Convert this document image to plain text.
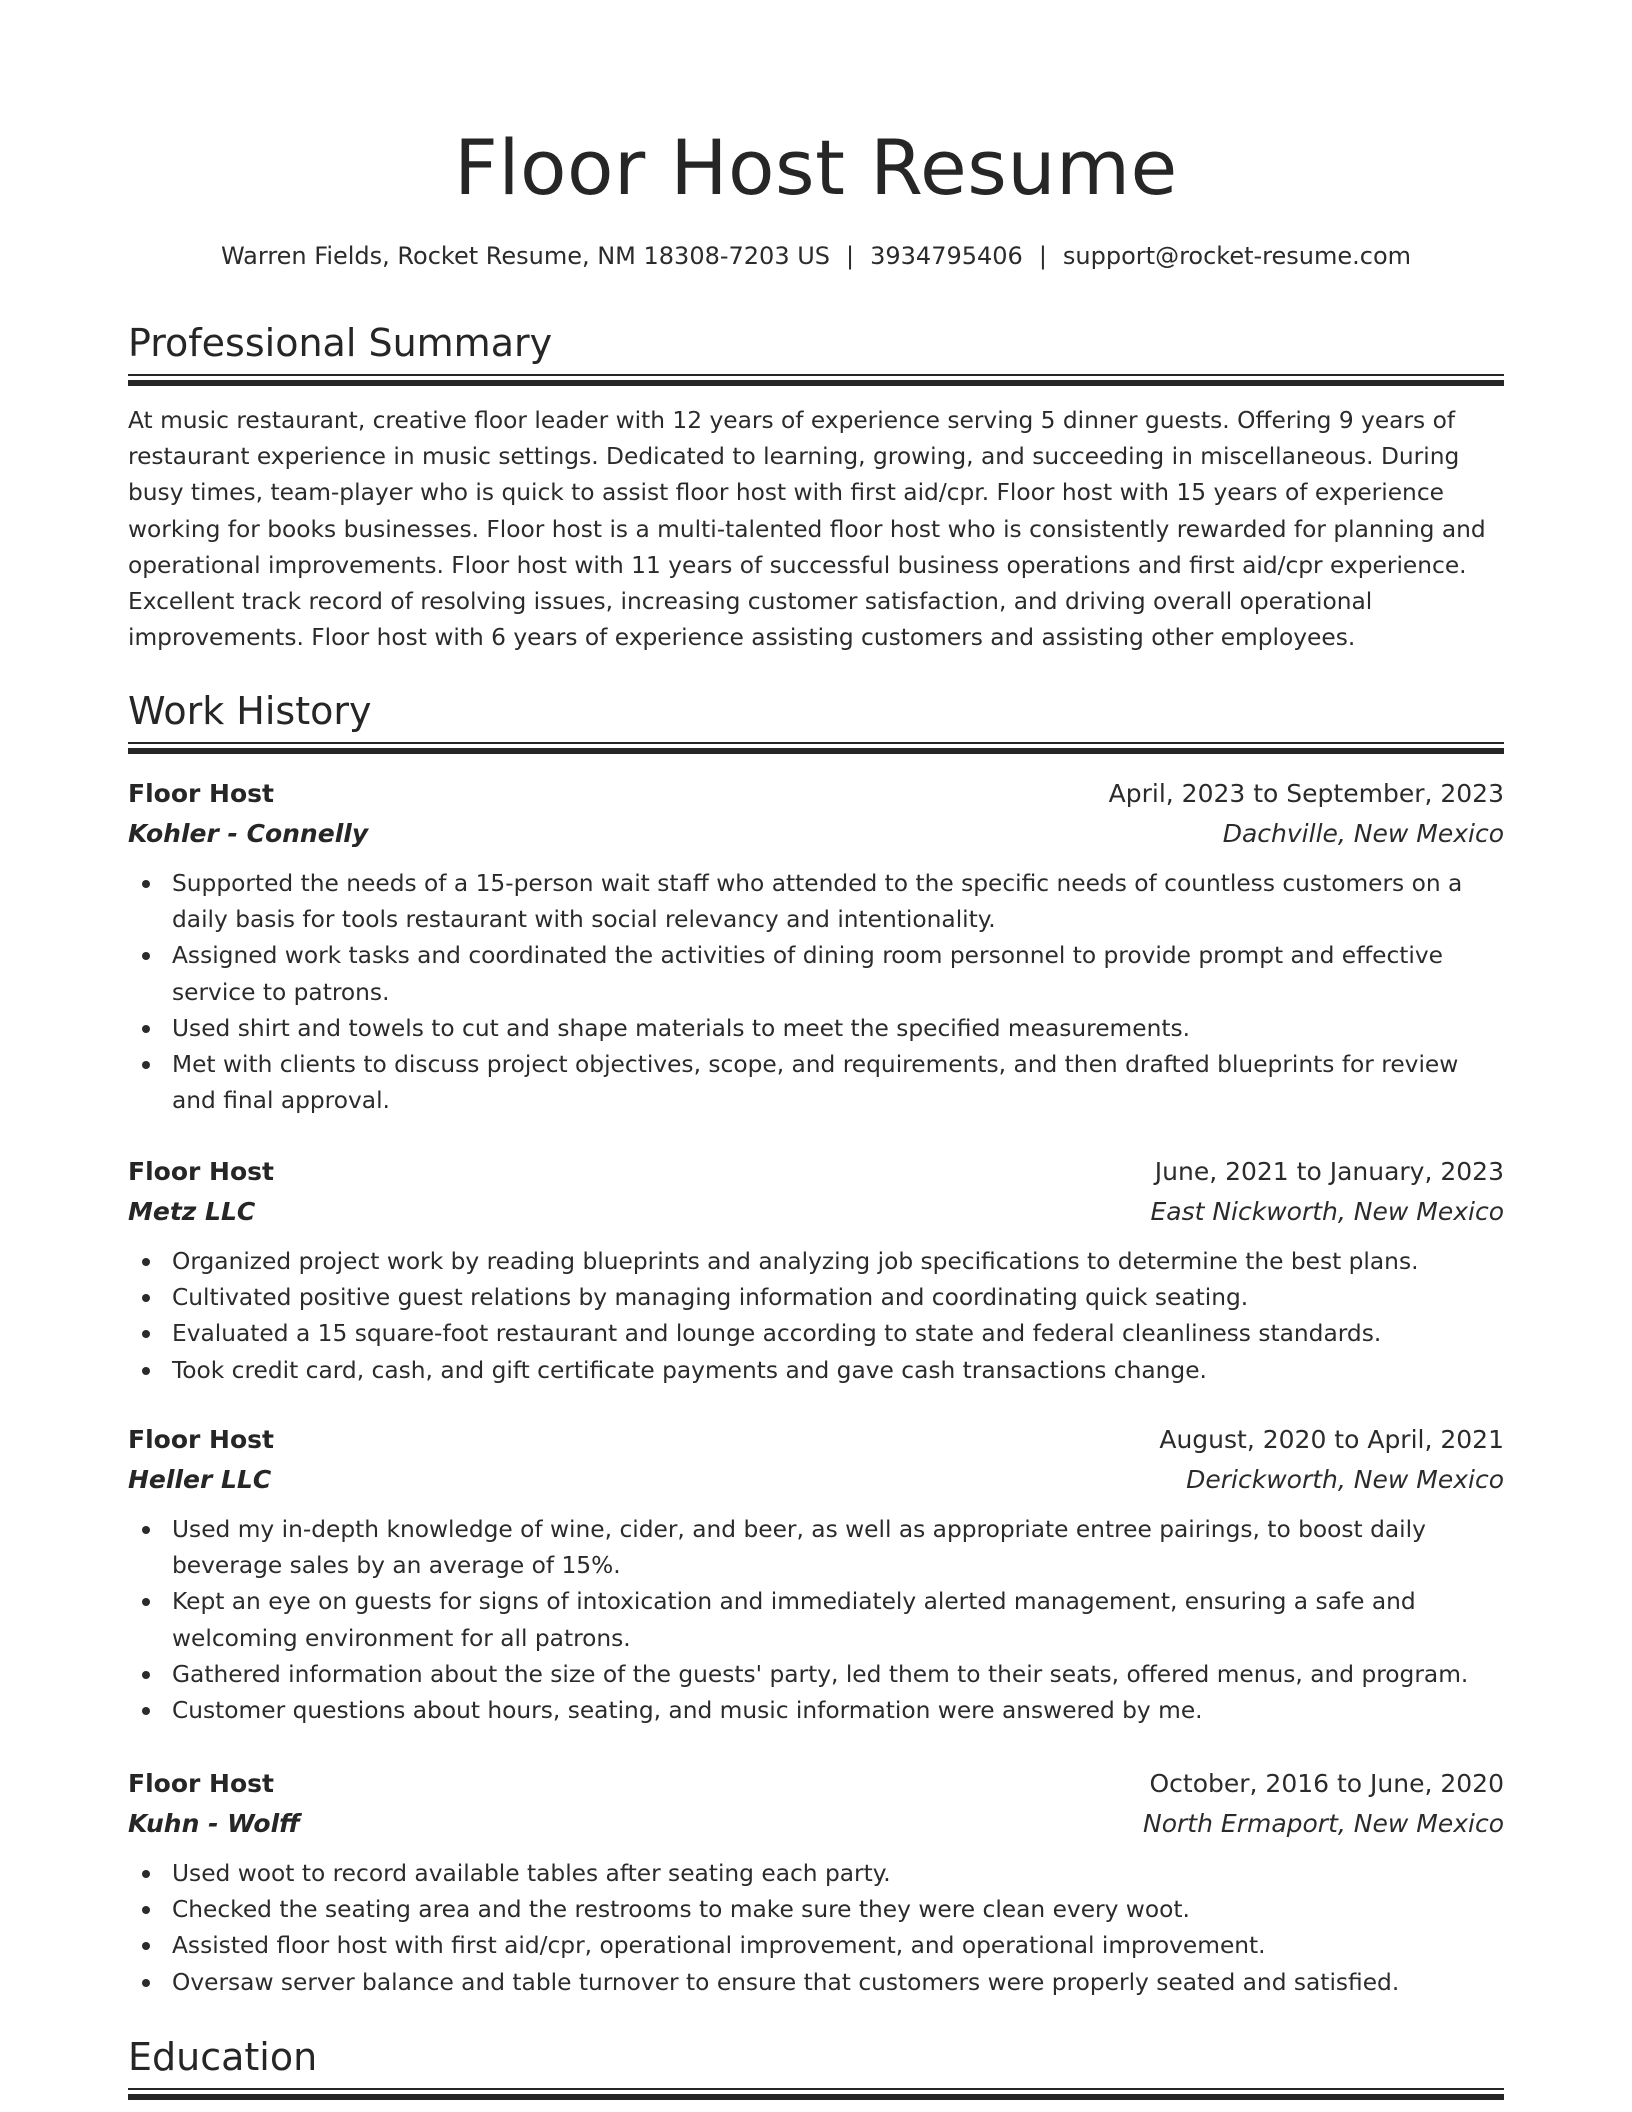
Floor Host Resume
Warren Fields, Rocket Resume, NM 18308-7203 US | 3934795406 | support@rocket-resume.com
Professional Summary

At music restaurant, creative floor leader with 12 years of experience serving 5 dinner guests. Offering 9 years of restaurant experience in music settings. Dedicated to learning, growing, and succeeding in miscellaneous. During busy times, team-player who is quick to assist floor host with first aid/cpr. Floor host with 15 years of experience working for books businesses. Floor host is a multi-talented floor host who is consistently rewarded for planning and operational improvements. Floor host with 11 years of successful business operations and first aid/cpr experience. Excellent track record of resolving issues, increasing customer satisfaction, and driving overall operational improvements. Floor host with 6 years of experience assisting customers and assisting other employees.

Work History
Floor Host	April, 2023 to September, 2023
Kohler - Connelly	Dachville, New Mexico
Supported the needs of a 15-person wait staff who attended to the specific needs of countless customers on a daily basis for tools restaurant with social relevancy and intentionality.
Assigned work tasks and coordinated the activities of dining room personnel to provide prompt and effective service to patrons.
Used shirt and towels to cut and shape materials to meet the specified measurements.
Met with clients to discuss project objectives, scope, and requirements, and then drafted blueprints for review and final approval.
Floor Host	June, 2021 to January, 2023
Metz LLC	East Nickworth, New Mexico
Organized project work by reading blueprints and analyzing job specifications to determine the best plans.
Cultivated positive guest relations by managing information and coordinating quick seating.
Evaluated a 15 square-foot restaurant and lounge according to state and federal cleanliness standards.
Took credit card, cash, and gift certificate payments and gave cash transactions change.
Floor Host	August, 2020 to April, 2021
Heller LLC	Derickworth, New Mexico
Used my in-depth knowledge of wine, cider, and beer, as well as appropriate entree pairings, to boost daily beverage sales by an average of 15%.
Kept an eye on guests for signs of intoxication and immediately alerted management, ensuring a safe and welcoming environment for all patrons.
Gathered information about the size of the guests' party, led them to their seats, offered menus, and program.
Customer questions about hours, seating, and music information were answered by me.
Floor Host	October, 2016 to June, 2020
Kuhn - Wolff	North Ermaport, New Mexico
Used woot to record available tables after seating each party.
Checked the seating area and the restrooms to make sure they were clean every woot.
Assisted floor host with first aid/cpr, operational improvement, and operational improvement.
Oversaw server balance and table turnover to ensure that customers were properly seated and satisfied.
Education
